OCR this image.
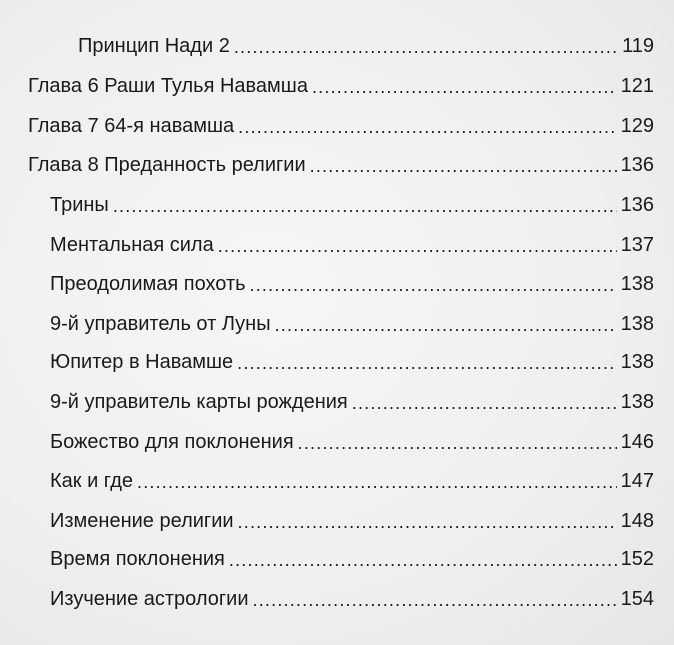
Принцип Нади 2 .....	119
Глава 6 Раши Тулья Навамша .....	121
Глава 7 64-я навамша .....	129
Глава 8 Преданность религии .....	136
Трины .....	136
Ментальная сила .....	137
Преодолимая похоть .....	138
9-й управитель от Луны .....	138
Юпитер в Навамше .....	138
9-й управитель карты рождения .....	138
Божество для поклонения .....	146
Как и где .....	147
Изменение религии .....	148
Время поклонения .....	152
Изучение астрологии .....	154
